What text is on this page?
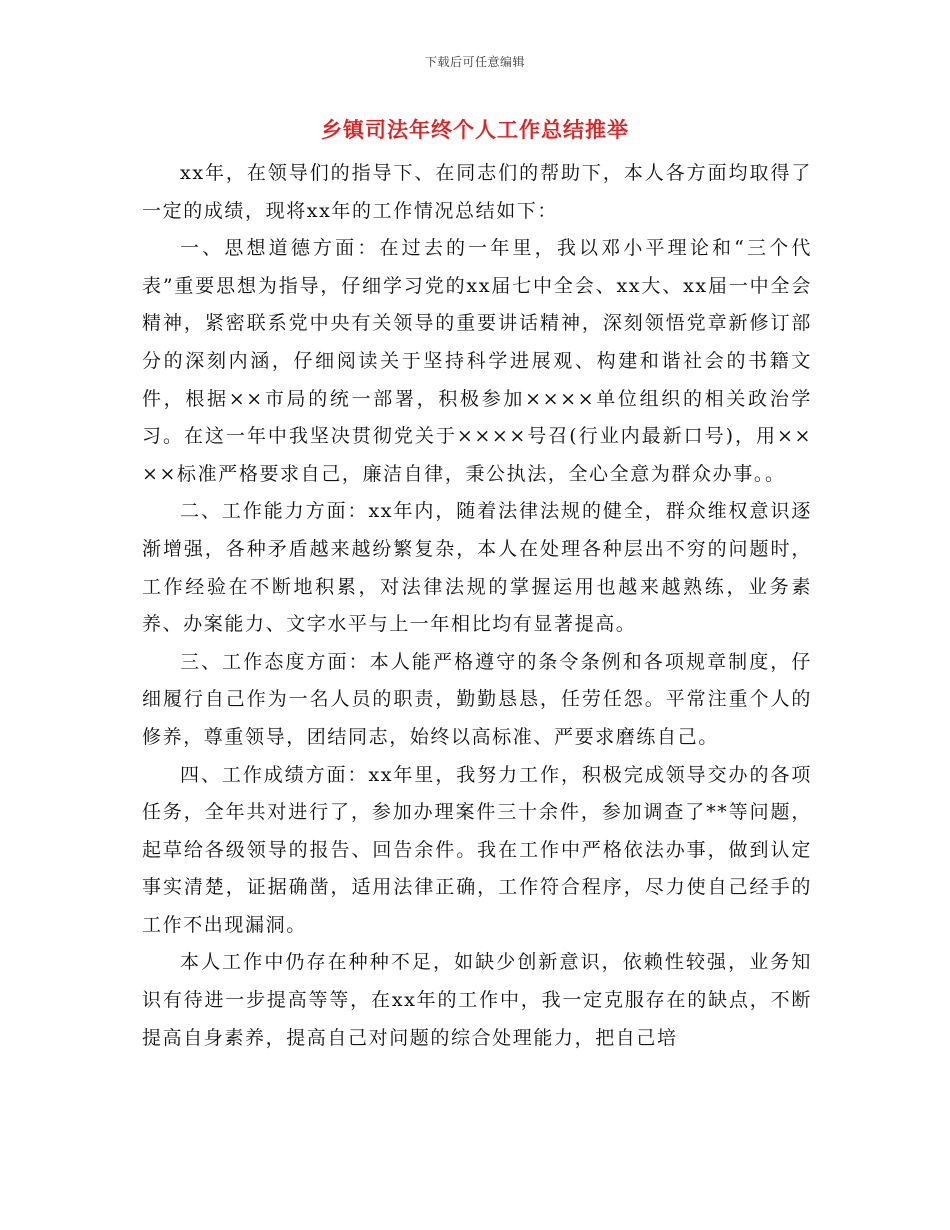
下载后可任意编辑
乡镇司法年终个人工作总结推举

xx年，在领导们的指导下、在同志们的帮助下，本人各方面均取得了一定的成绩，现将xx年的工作情况总结如下：

一、思想道德方面：在过去的一年里，我以邓小平理论和“三个代表”重要思想为指导，仔细学习党的xx届七中全会、xx大、xx届一中全会精神，紧密联系党中央有关领导的重要讲话精神，深刻领悟党章新修订部分的深刻内涵，仔细阅读关于坚持科学进展观、构建和谐社会的书籍文件，根据××市局的统一部署，积极参加××××单位组织的相关政治学习。在这一年中我坚决贯彻党关于××××号召(行业内最新口号)，用××××标准严格要求自己，廉洁自律，秉公执法，全心全意为群众办事。。

二、工作能力方面：xx年内，随着法律法规的健全，群众维权意识逐渐增强，各种矛盾越来越纷繁复杂，本人在处理各种层出不穷的问题时，工作经验在不断地积累，对法律法规的掌握运用也越来越熟练，业务素养、办案能力、文字水平与上一年相比均有显著提高。

三、工作态度方面：本人能严格遵守的条令条例和各项规章制度，仔细履行自己作为一名人员的职责，勤勤恳恳，任劳任怨。平常注重个人的修养，尊重领导，团结同志，始终以高标准、严要求磨练自己。

四、工作成绩方面：xx年里，我努力工作，积极完成领导交办的各项任务，全年共对进行了，参加办理案件三十余件，参加调查了**等问题，起草给各级领导的报告、回告余件。我在工作中严格依法办事，做到认定事实清楚，证据确凿，适用法律正确，工作符合程序，尽力使自己经手的工作不出现漏洞。

本人工作中仍存在种种不足，如缺少创新意识，依赖性较强，业务知识有待进一步提高等等，在xx年的工作中，我一定克服存在的缺点，不断提高自身素养，提高自己对问题的综合处理能力，把自己培
